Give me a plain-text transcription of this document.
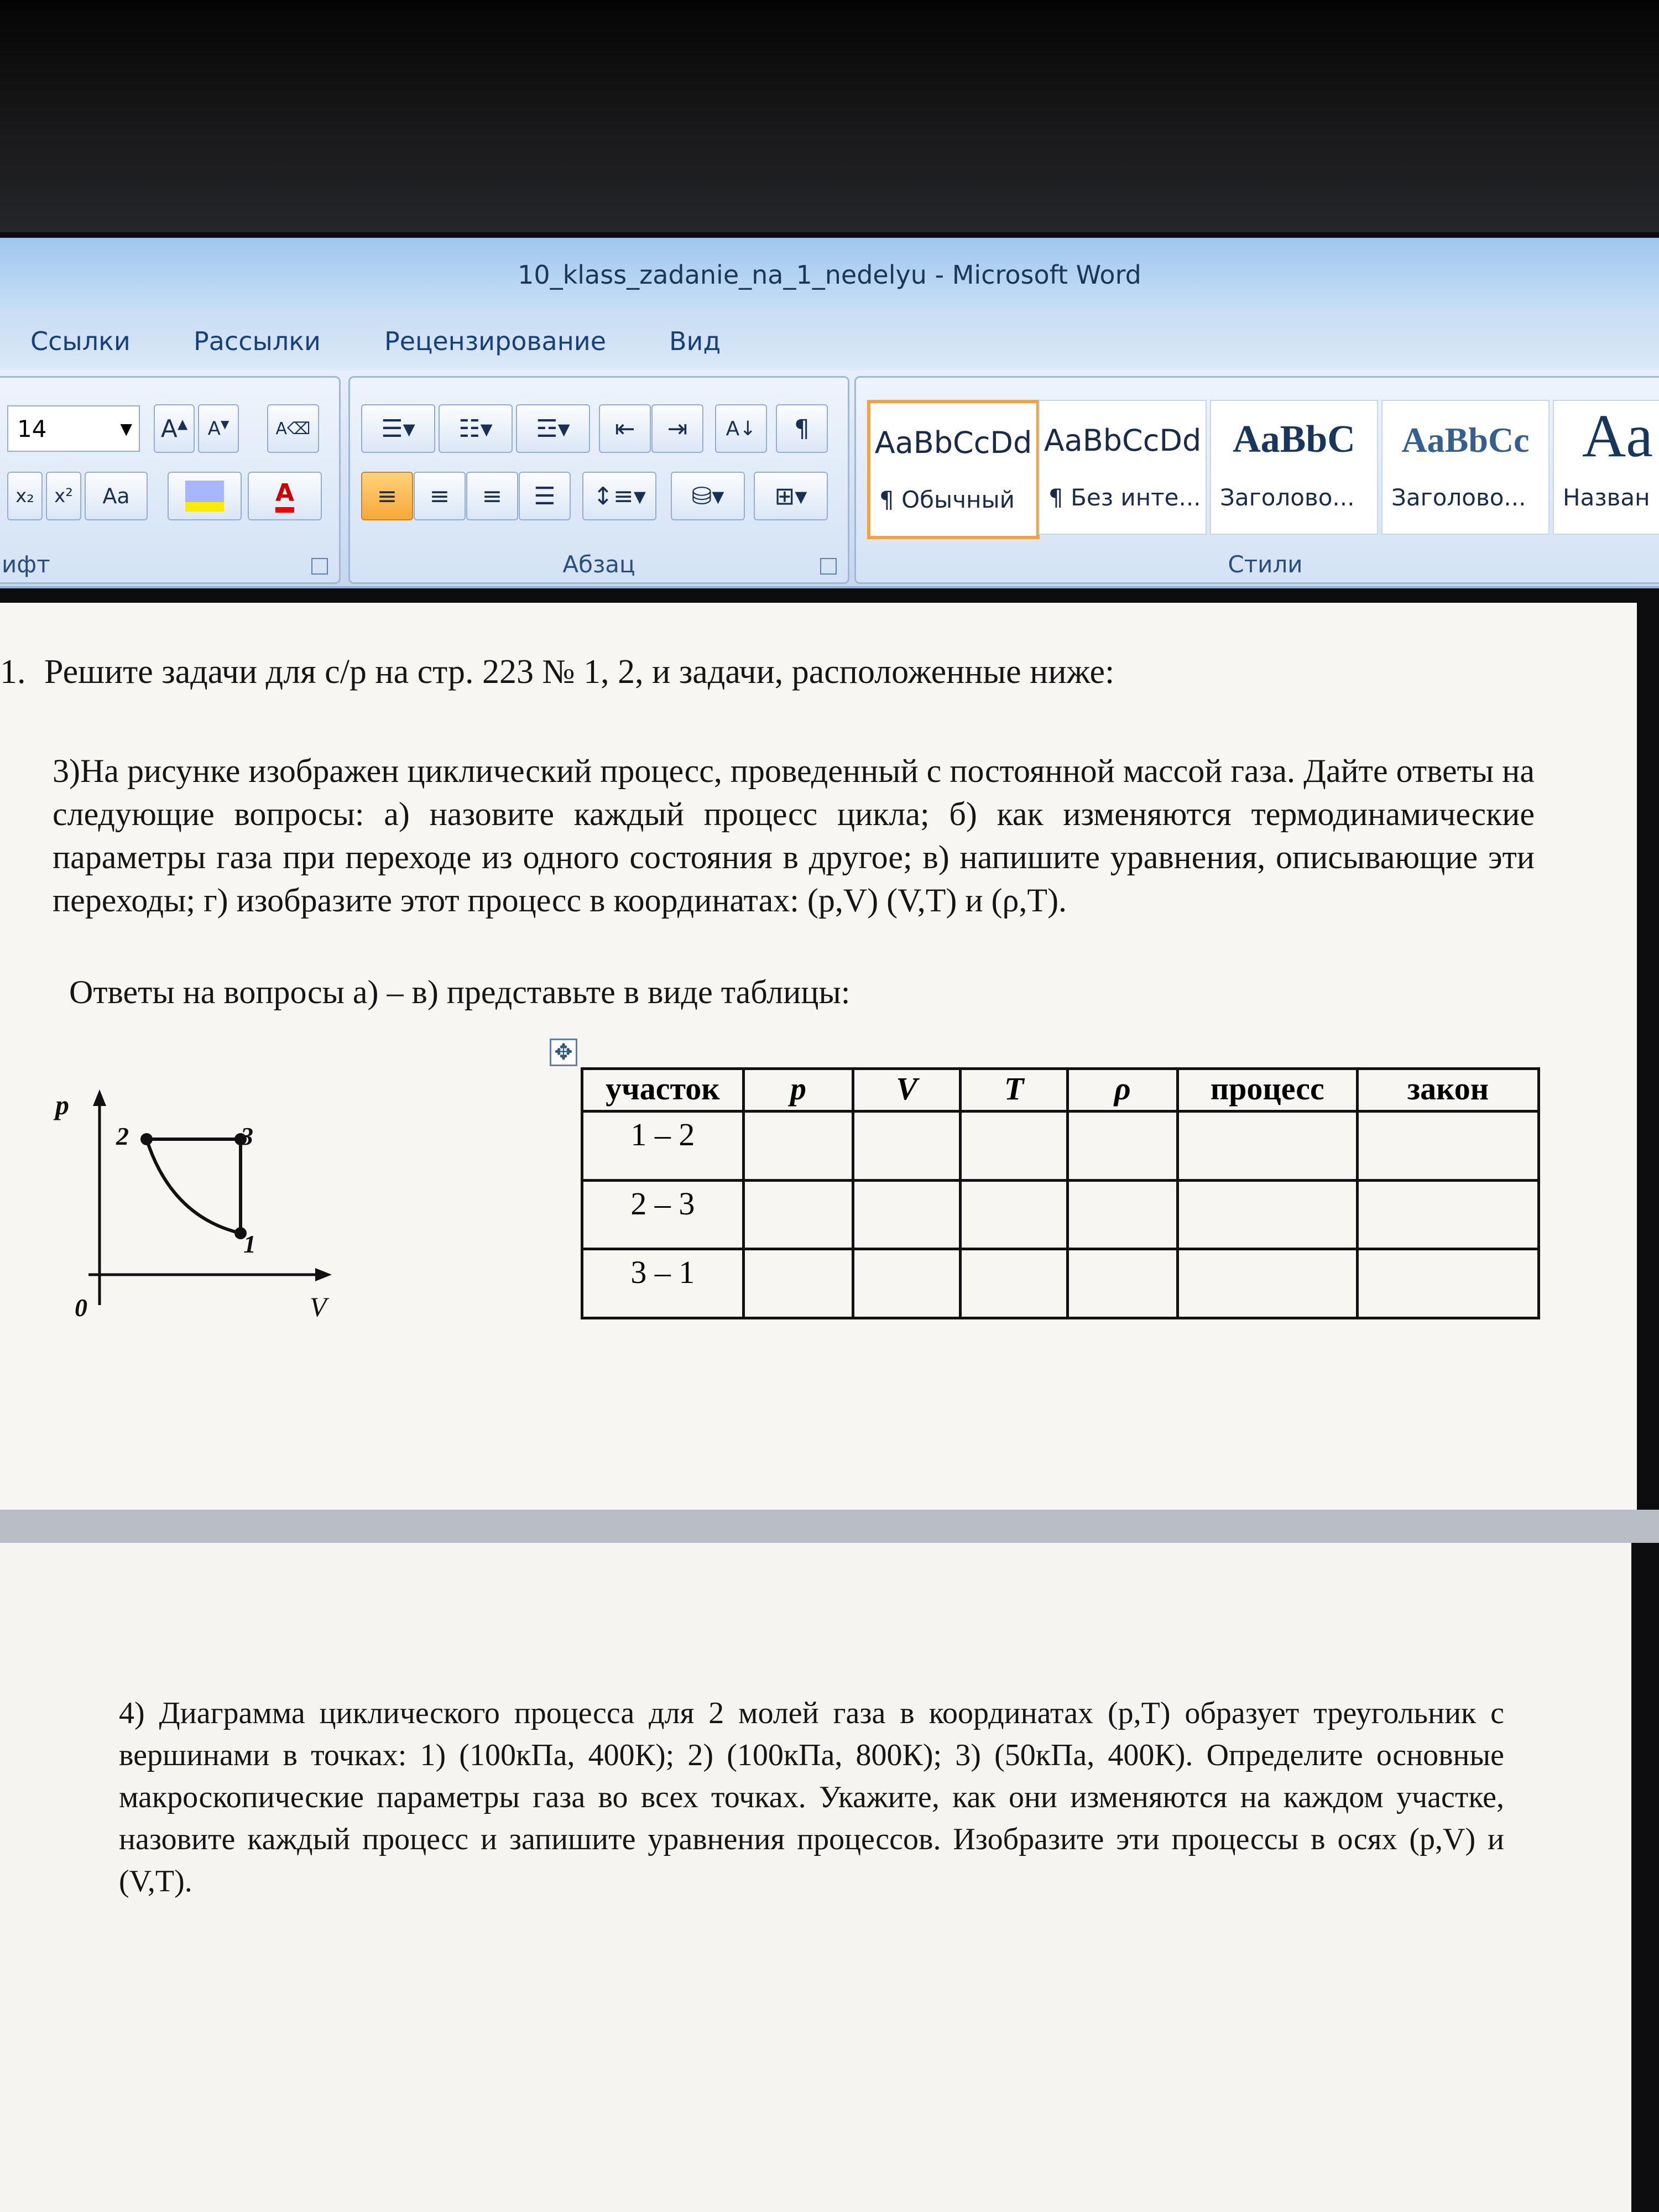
10_klass_zadanie_na_1_nedelyu - Microsoft Word
Ссылки Рассылки	Рецензирование Вид
14	▼ A▲ A▼	A⌫
x₂ x² Aa	A
ифт
☰▾ ☷▾ ☲▾ ⇤ ⇥ А↓ ¶
≡ ≡ ≡ ☰ ↕≡▾ ⛁▾ ⊞▾
Абзац
AaBbCcDd
¶ Обычный
AaBbCcDd
¶ Без инте...
AaBbC
Заголово...
AaBbCc
Заголово...
Aa
Назван
Стили
1. Решите задачи для с/р на стр. 223 № 1, 2, и задачи, расположенные ниже:
3)На рисунке изображен циклический процесс, проведенный с постоянной массой газа. Дайте ответы на следующие вопросы: а) назовите каждый процесс цикла; б) как изменяются термодинамические параметры газа при переходе из одного состояния в другое; в) напишите уравнения, описывающие эти переходы; г) изобразите этот процесс в координатах: (p,V) (V,T) и (ρ,T).
Ответы на вопросы а) – в) представьте в виде таблицы:
✥
участок	p	V	T	ρ	процесс	закон
1 – 2						
2 – 3						
3 – 1						
p
V
0
1
2	3
4) Диаграмма циклического процесса для 2 молей газа в координатах (p,T) образует треугольник с вершинами в точках: 1) (100кПа, 400К); 2) (100кПа, 800К); 3) (50кПа, 400К). Определите основные макроскопические параметры газа во всех точках. Укажите, как они изменяются на каждом участке, назовите каждый процесс и запишите уравнения процессов. Изобразите эти процессы в осях (p,V) и (V,T).
